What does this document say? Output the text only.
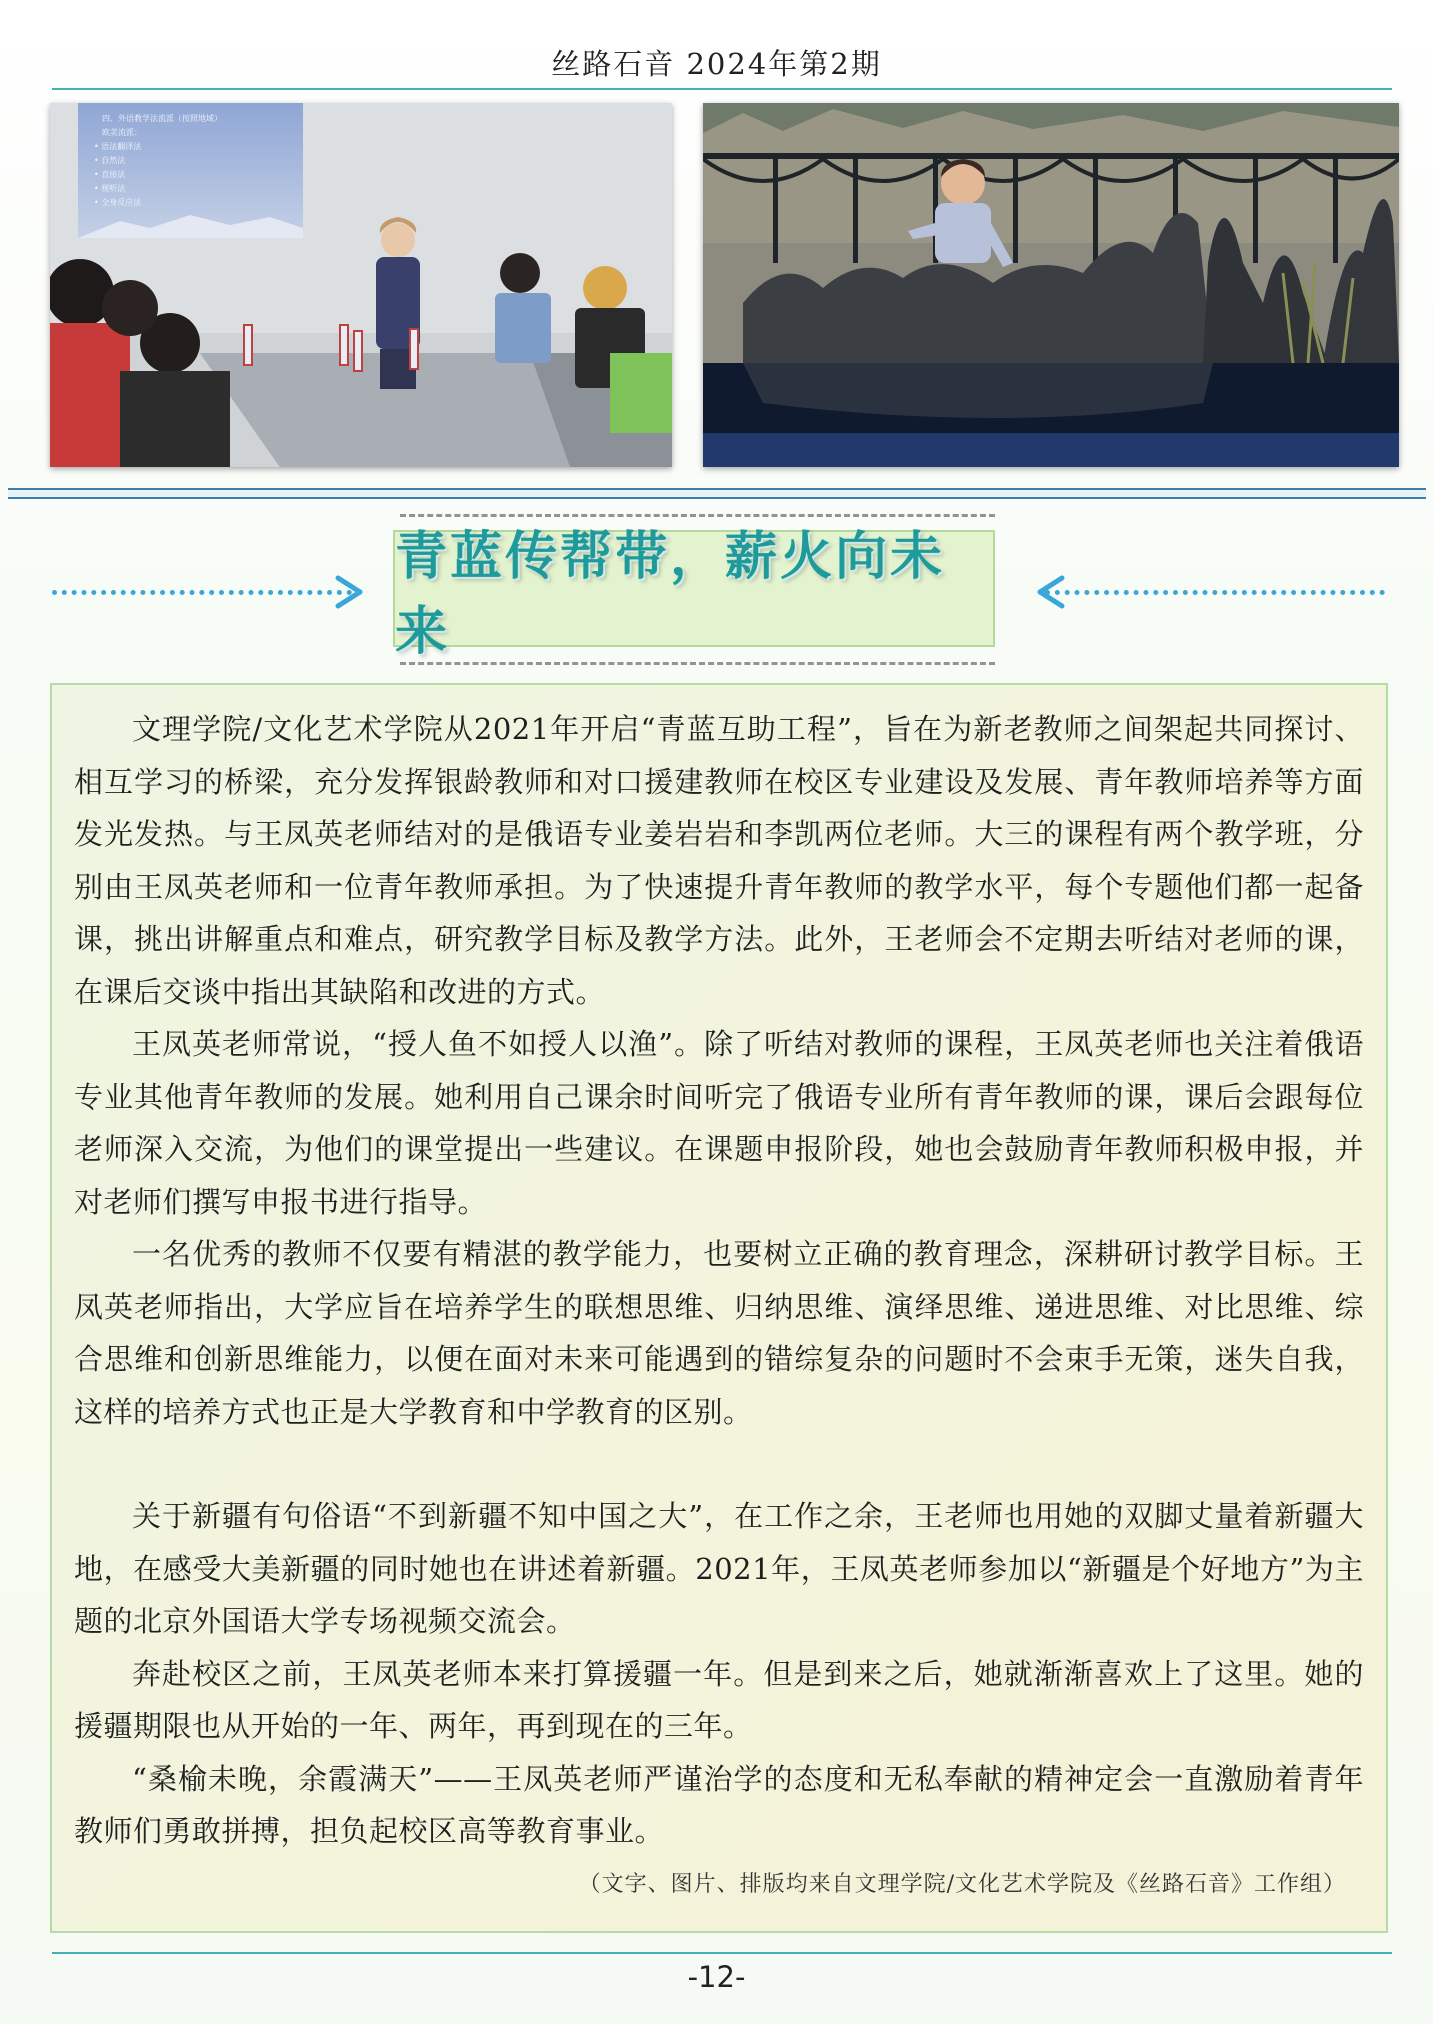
丝路石音 2024年第2期
四、外语教学法流派（按照地域）
欧美流派：
• 语法翻译法
• 自然法
• 直接法
• 视听法
• 全身反应法
青蓝传帮带，薪火向未来

文理学院/文化艺术学院从2021年开启“青蓝互助工程”，旨在为新老教师之间架起共同探讨、相互学习的桥梁，充分发挥银龄教师和对口援建教师在校区专业建设及发展、青年教师培养等方面发光发热。与王凤英老师结对的是俄语专业姜岩岩和李凯两位老师。大三的课程有两个教学班，分别由王凤英老师和一位青年教师承担。为了快速提升青年教师的教学水平，每个专题他们都一起备课，挑出讲解重点和难点，研究教学目标及教学方法。此外，王老师会不定期去听结对老师的课，在课后交谈中指出其缺陷和改进的方式。

王凤英老师常说，“授人鱼不如授人以渔”。除了听结对教师的课程，王凤英老师也关注着俄语专业其他青年教师的发展。她利用自己课余时间听完了俄语专业所有青年教师的课，课后会跟每位老师深入交流，为他们的课堂提出一些建议。在课题申报阶段，她也会鼓励青年教师积极申报，并对老师们撰写申报书进行指导。

一名优秀的教师不仅要有精湛的教学能力，也要树立正确的教育理念，深耕研讨教学目标。王凤英老师指出，大学应旨在培养学生的联想思维、归纳思维、演绎思维、递进思维、对比思维、综合思维和创新思维能力，以便在面对未来可能遇到的错综复杂的问题时不会束手无策，迷失自我，这样的培养方式也正是大学教育和中学教育的区别。

关于新疆有句俗语“不到新疆不知中国之大”，在工作之余，王老师也用她的双脚丈量着新疆大地，在感受大美新疆的同时她也在讲述着新疆。2021年，王凤英老师参加以“新疆是个好地方”为主题的北京外国语大学专场视频交流会。

奔赴校区之前，王凤英老师本来打算援疆一年。但是到来之后，她就渐渐喜欢上了这里。她的援疆期限也从开始的一年、两年，再到现在的三年。

“桑榆未晚，余霞满天”——王凤英老师严谨治学的态度和无私奉献的精神定会一直激励着青年教师们勇敢拼搏，担负起校区高等教育事业。

（文字、图片、排版均来自文理学院/文化艺术学院及《丝路石音》工作组）
-12-
